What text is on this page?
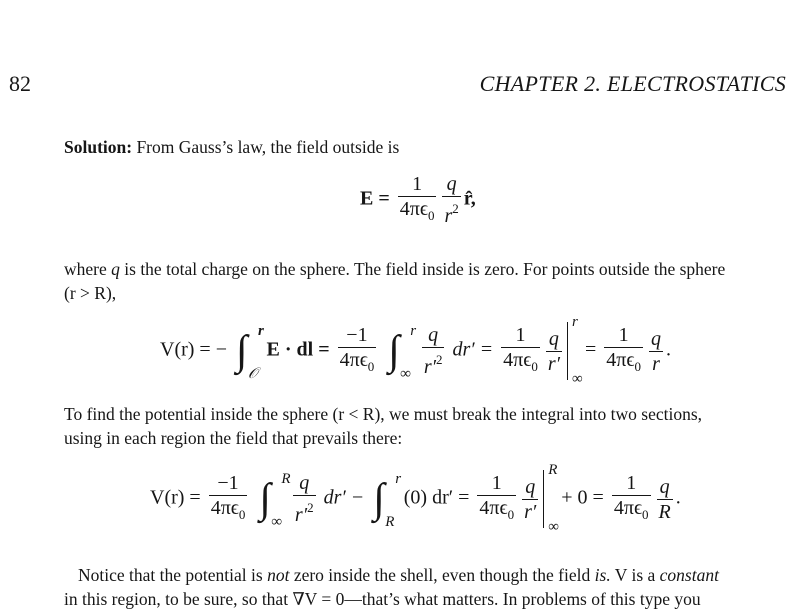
82	CHAPTER 2. ELECTROSTATICS
Solution: From Gauss’s law, the field outside is
$E = \frac{1}{4\pi\epsilon_0} \frac{q}{r^2}$ r̂,
where q is the total charge on the sphere. The field inside is zero. For points outside the sphere
(r > R),
V(r) = − ∫ r
𝒪
E · dl = $\frac{-1}{4\pi\epsilon_0}$ ∫ r
∞
$\frac{q}{r'^2} dr' = \frac{1}{4\pi\epsilon_0} \frac{q}{r'}$
r
∞
= $\frac{1}{4\pi\epsilon_0} \frac{q}{r}$ .
To find the potential inside the sphere (r < R), we must break the integral into two sections,
using in each region the field that prevails there:
$V(r) = \frac{-1}{4\pi\epsilon_0}$ ∫ R
∞
$\frac{q}{r'^2} dr'$ − ∫ r
R
(0) $dr' = \frac{1}{4\pi\epsilon_0} \frac{q}{r'}$
R
∞
+ $0 = \frac{1}{4\pi\epsilon_0} \frac{q}{R}$ .
Notice that the potential is not zero inside the shell, even though the field is. V is a constant
in this region, to be sure, so that ∇V = 0—that’s what matters. In problems of this type you
